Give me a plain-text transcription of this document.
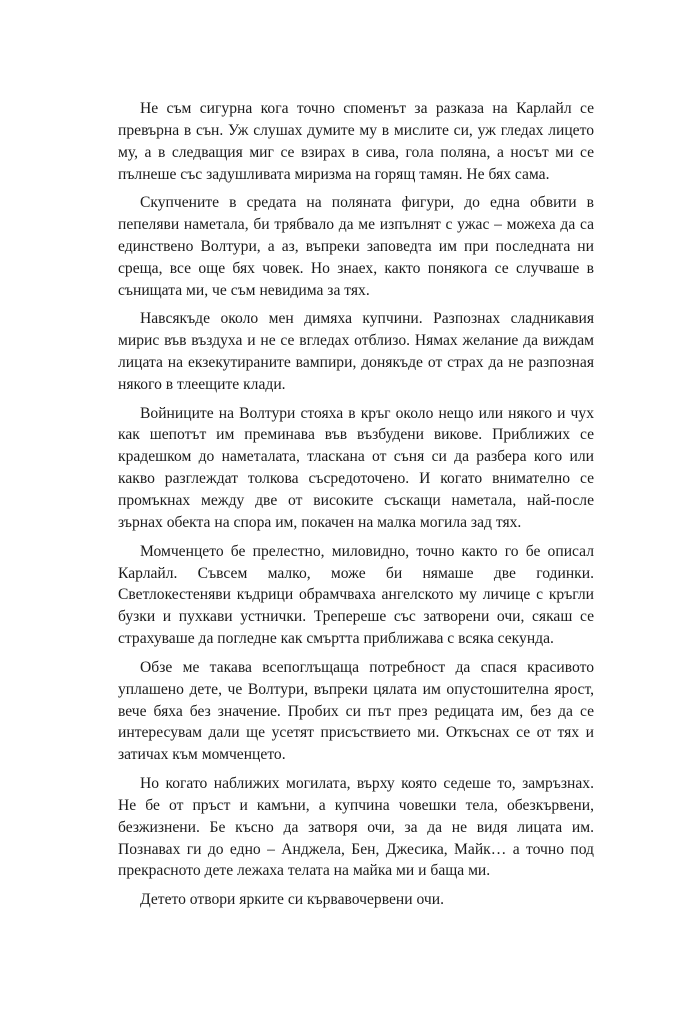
Не съм сигурна кога точно споменът за разказа на Карлайл се превърна в сън. Уж слушах думите му в мислите си, уж гледах лицето му, а в следващия миг се взирах в сива, гола поляна, а носът ми се пълнеше със задушливата миризма на горящ тамян. Не бях сама.

Скупчените в средата на поляната фигури, до една обвити в пепеляви наметала, би трябвало да ме изпълнят с ужас – можеха да са единствено Волтури, а аз, въпреки заповедта им при последната ни среща, все още бях човек. Но знаех, както понякога се случваше в сънищата ми, че съм невидима за тях.

Навсякъде около мен димяха купчини. Разпознах сладникавия мирис във въздуха и не се вгледах отблизо. Нямах желание да виждам лицата на екзекутираните вампири, донякъде от страх да не разпозная някого в тлеещите клади.

Войниците на Волтури стояха в кръг около нещо или някого и чух как шепотът им преминава във възбудени викове. Приближих се крадешком до наметалата, тласкана от съня си да разбера кого или какво разглеждат толкова съсредоточено. И когато внимателно се промъкнах между две от високите съскащи наметала, най-после зърнах обекта на спора им, покачен на малка могила зад тях.

Момченцето бе прелестно, миловидно, точно както го бе описал Карлайл. Съвсем малко, може би нямаше две годинки. Светлокестеняви къдрици обрамчваха ангелското му личице с кръгли бузки и пухкави устнички. Трепереше със затворени очи, сякаш се страхуваше да погледне как смъртта приближава с всяка секунда.

Обзе ме такава всепоглъщаща потребност да спася красивото уплашено дете, че Волтури, въпреки цялата им опустошителна ярост, вече бяха без значение. Пробих си път през редицата им, без да се интересувам дали ще усетят присъствието ми. Откъснах се от тях и затичах към момченцето.

Но когато наближих могилата, върху която седеше то, замръзнах. Не бе от пръст и камъни, а купчина човешки тела, обезкървени, безжизнени. Бе късно да затворя очи, за да не видя лицата им. Познавах ги до едно – Анджела, Бен, Джесика, Майк… а точно под прекрасното дете лежаха телата на майка ми и баща ми.

Детето отвори ярките си кървавочервени очи.
